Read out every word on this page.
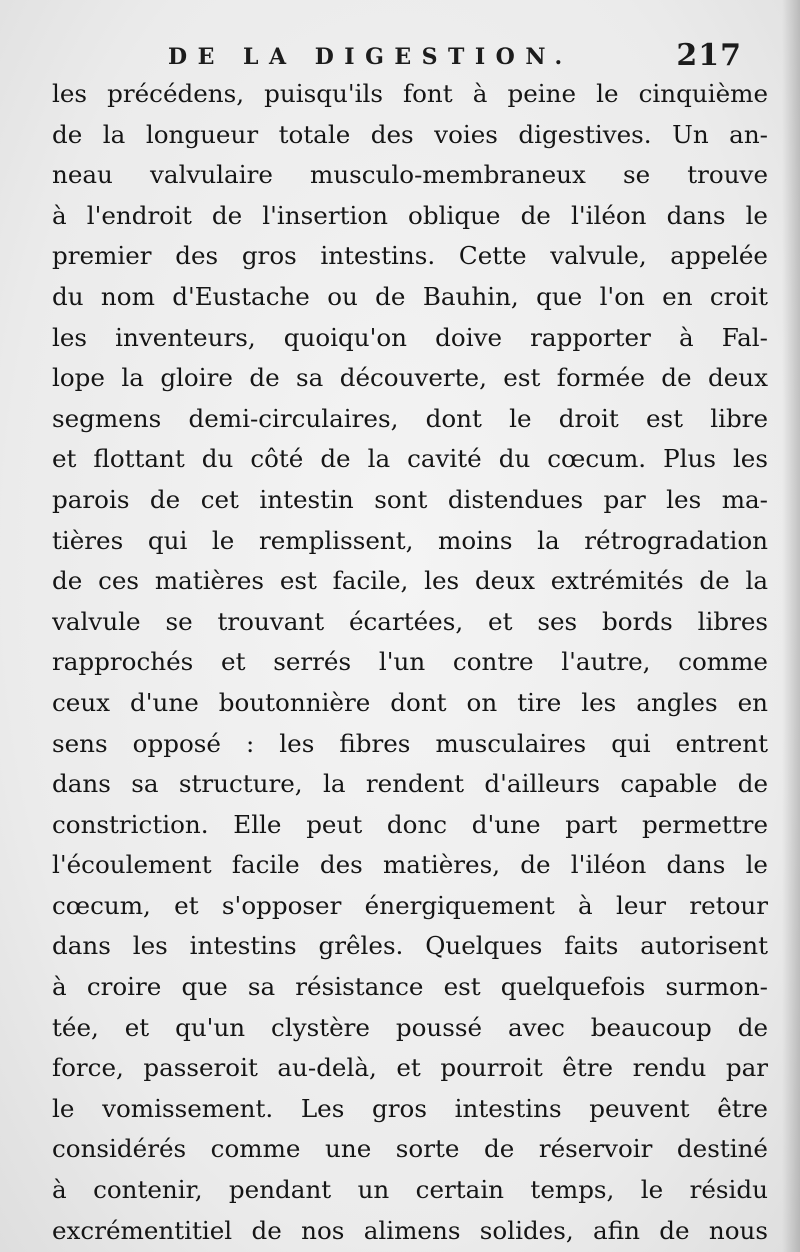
DE LA DIGESTION.	217
les précédens, puisqu'ils font à peine le cinquième
de la longueur totale des voies digestives. Un an-
neau valvulaire musculo-membraneux se trouve
à l'endroit de l'insertion oblique de l'iléon dans le
premier des gros intestins. Cette valvule, appelée
du nom d'Eustache ou de Bauhin, que l'on en croit
les inventeurs, quoiqu'on doive rapporter à Fal-
lope la gloire de sa découverte, est formée de deux
segmens demi-circulaires, dont le droit est libre
et flottant du côté de la cavité du cœcum. Plus les
parois de cet intestin sont distendues par les ma-
tières qui le remplissent, moins la rétrogradation
de ces matières est facile, les deux extrémités de la
valvule se trouvant écartées, et ses bords libres
rapprochés et serrés l'un contre l'autre, comme
ceux d'une boutonnière dont on tire les angles en
sens opposé : les fibres musculaires qui entrent
dans sa structure, la rendent d'ailleurs capable de
constriction. Elle peut donc d'une part permettre
l'écoulement facile des matières, de l'iléon dans le
cœcum, et s'opposer énergiquement à leur retour
dans les intestins grêles. Quelques faits autorisent
à croire que sa résistance est quelquefois surmon-
tée, et qu'un clystère poussé avec beaucoup de
force, passeroit au-delà, et pourroit être rendu par
le vomissement. Les gros intestins peuvent être
considérés comme une sorte de réservoir destiné
à contenir, pendant un certain temps, le résidu
excrémentitiel de nos alimens solides, afin de nous
